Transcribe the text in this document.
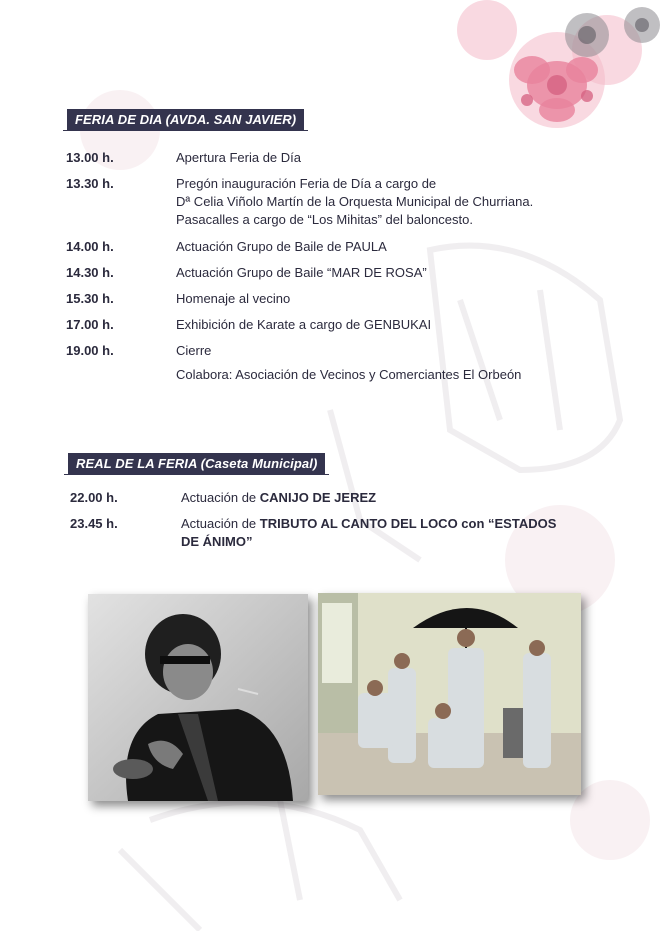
FERIA DE DIA (AVDA. SAN JAVIER)
13.00 h.	Apertura Feria de Día
13.30 h.	Pregón inauguración Feria de Día a cargo de
Dª Celia Viñolo Martín de la Orquesta Municipal de Churriana.
Pasacalles a cargo de “Los Mihitas” del baloncesto.
14.00 h.	Actuación Grupo de Baile de PAULA
14.30 h.	Actuación Grupo de Baile “MAR DE ROSA”
15.30 h.	Homenaje al vecino
17.00 h.	Exhibición de Karate a cargo de GENBUKAI
19.00 h.	Cierre
Colabora: Asociación de Vecinos y Comerciantes El Orbeón
REAL DE LA FERIA (Caseta Municipal)
22.00 h.	Actuación de CANIJO DE JEREZ
23.45 h.	Actuación de TRIBUTO AL CANTO DEL LOCO con “ESTADOS
DE ÁNIMO”
